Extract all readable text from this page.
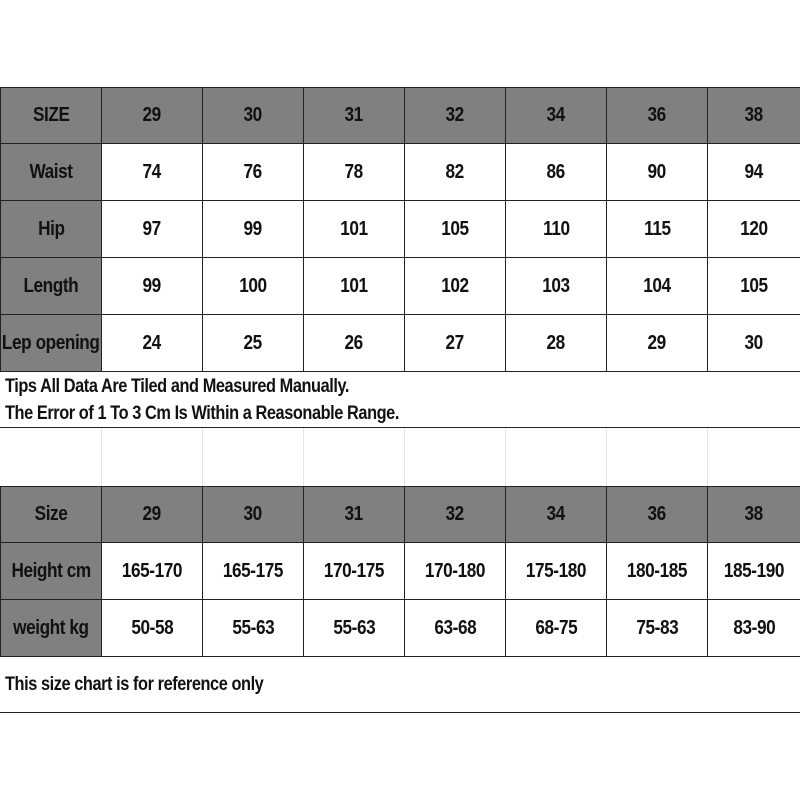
SIZE	29	30	31	32	34	36	38
Waist	74	76	78	82	86	90	94
Hip	97	99	101	105	110	115	120
Length	99	100	101	102	103	104	105
Lep opening 24	25	26	27	28	29	30
Tips All Data Are Tiled and Measured Manually.
The Error of 1 To 3 Cm Is Within a Reasonable Range.
Size	29	30	31	32	34	36	38
Height cm 165-170 165-175 170-175 170-180 175-180 180-185 185-190
weight kg 50-58	55-63	55-63	63-68	68-75	75-83	83-90
This size chart is for reference only
